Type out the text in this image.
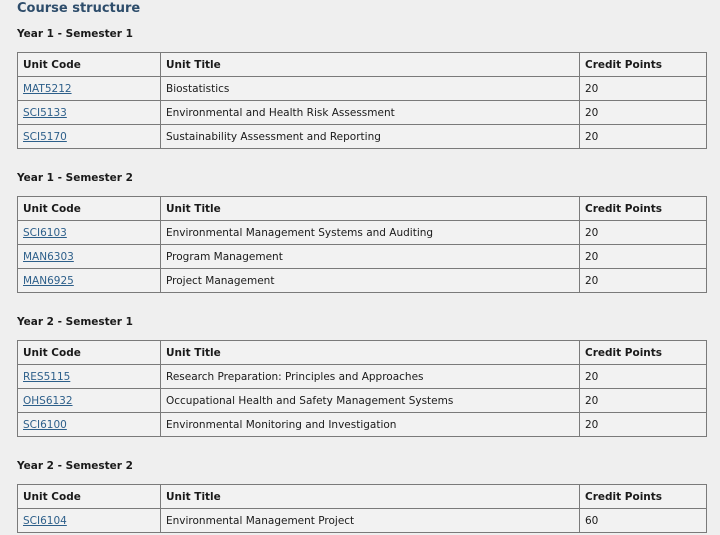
Course structure
Year 1 - Semester 1
Unit Code	Unit Title	Credit Points
MAT5212	Biostatistics	20
SCI5133	Environmental and Health Risk Assessment	20
SCI5170	Sustainability Assessment and Reporting	20
Year 1 - Semester 2
Unit Code	Unit Title	Credit Points
SCI6103	Environmental Management Systems and Auditing	20
MAN6303	Program Management	20
MAN6925	Project Management	20
Year 2 - Semester 1
Unit Code	Unit Title	Credit Points
RES5115	Research Preparation: Principles and Approaches	20
OHS6132	Occupational Health and Safety Management Systems	20
SCI6100	Environmental Monitoring and Investigation	20
Year 2 - Semester 2
Unit Code	Unit Title	Credit Points
SCI6104	Environmental Management Project	60
